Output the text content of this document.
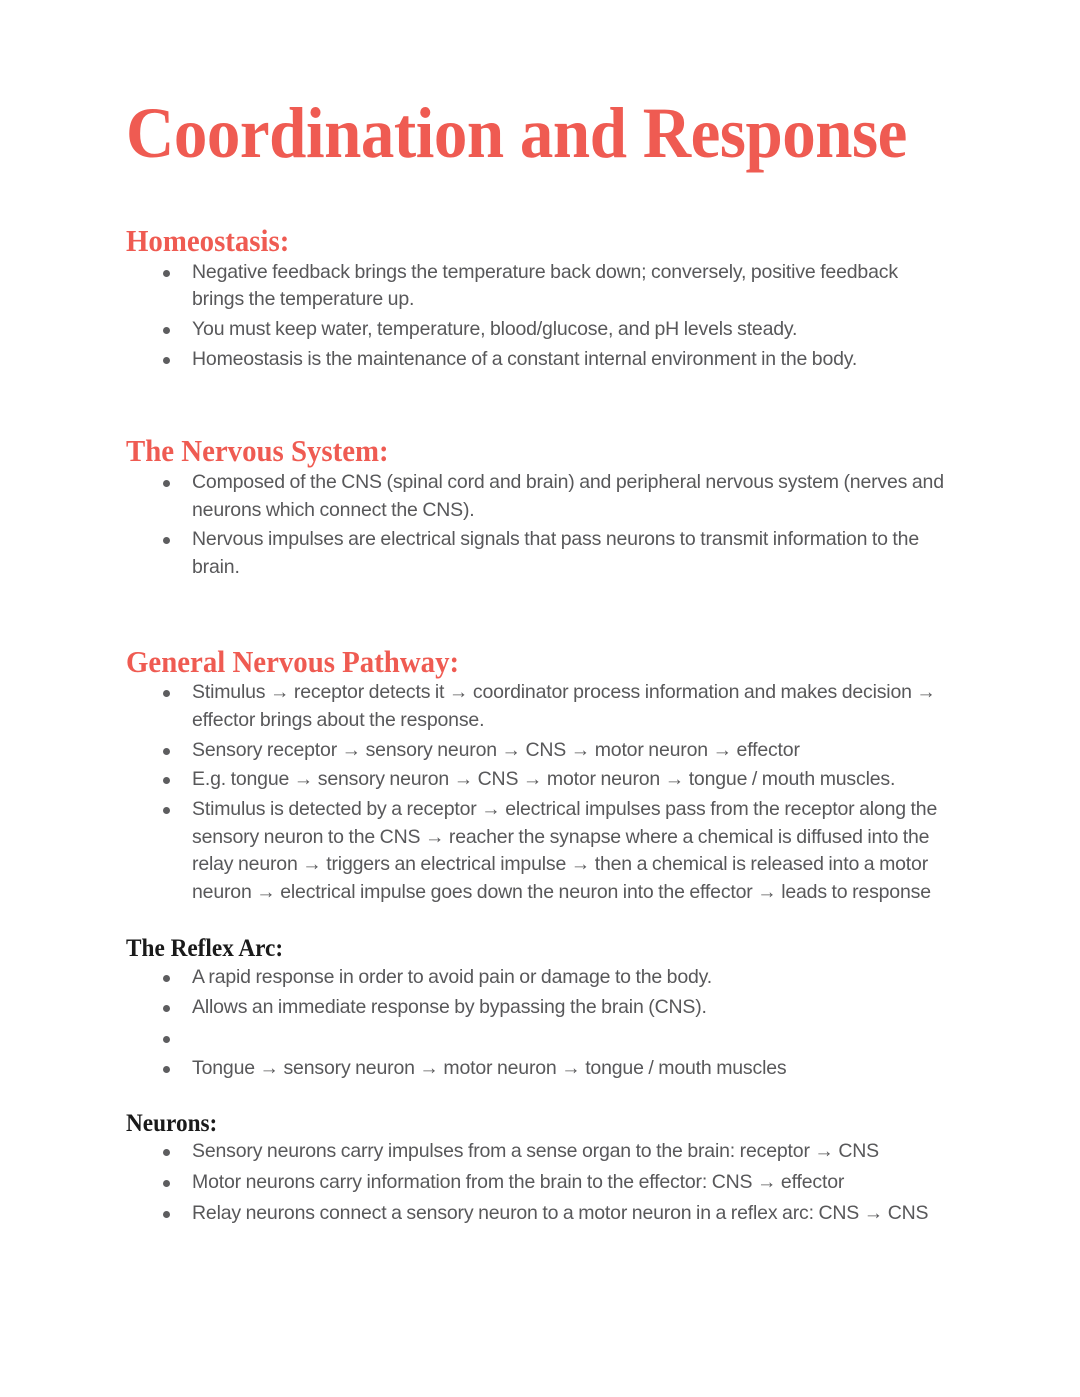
Coordination and Response
Homeostasis:
Negative feedback brings the temperature back down; conversely, positive feedback brings the temperature up.
You must keep water, temperature, blood/glucose, and pH levels steady.
Homeostasis is the maintenance of a constant internal environment in the body.
The Nervous System:
Composed of the CNS (spinal cord and brain) and peripheral nervous system (nerves and neurons which connect the CNS).
Nervous impulses are electrical signals that pass neurons to transmit information to the brain.
General Nervous Pathway:
Stimulus → receptor detects it → coordinator process information and makes decision → effector brings about the response.
Sensory receptor → sensory neuron → CNS → motor neuron → effector
E.g. tongue → sensory neuron → CNS → motor neuron → tongue / mouth muscles.
Stimulus is detected by a receptor → electrical impulses pass from the receptor along the sensory neuron to the CNS → reacher the synapse where a chemical is diffused into the relay neuron → triggers an electrical impulse → then a chemical is released into a motor neuron → electrical impulse goes down the neuron into the effector → leads to response
The Reflex Arc:
A rapid response in order to avoid pain or damage to the body.
Allows an immediate response by bypassing the brain (CNS).
Tongue → sensory neuron → motor neuron → tongue / mouth muscles
Neurons:
Sensory neurons carry impulses from a sense organ to the brain: receptor → CNS
Motor neurons carry information from the brain to the effector: CNS → effector
Relay neurons connect a sensory neuron to a motor neuron in a reflex arc: CNS → CNS
